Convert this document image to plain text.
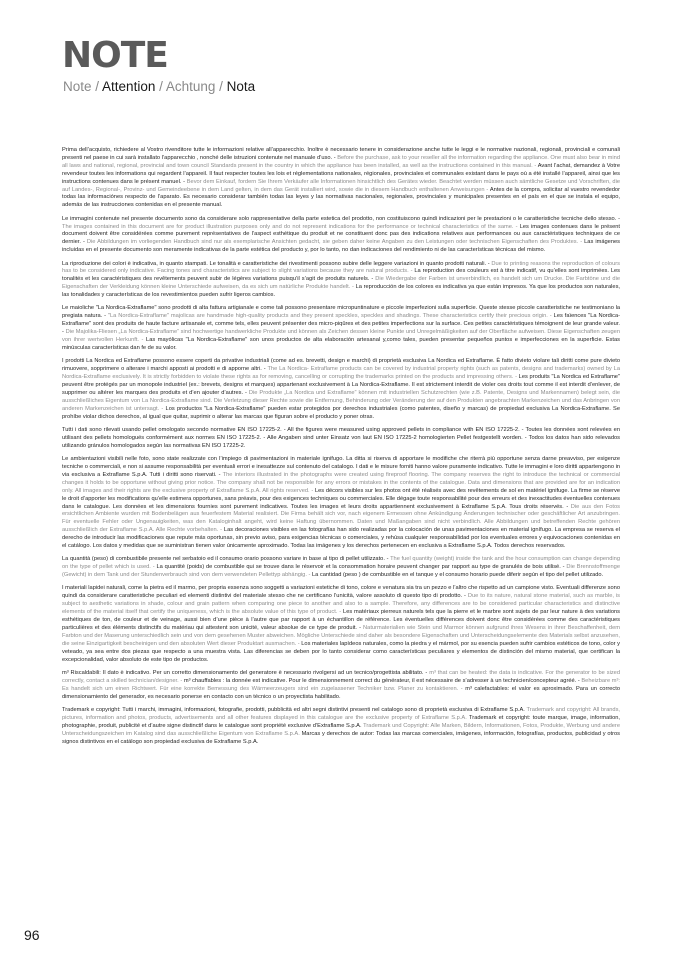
NOTE
Note / Attention / Achtung / Nota

Prima dell’acquisto, richiedere al Vostro rivenditore tutte le informazioni relative all’apparecchio. Inoltre è necessario tenere in considerazione anche tutte le leggi e le normative nazionali, regionali, provinciali e comunali presenti nel paese in cui sarà installato l’apparecchio , nonché delle istruzioni contenute nel manuale d’uso. - Before the purchase, ask to your reseller all the information regarding the appliance. One must also bear in mind all laws and national, regional, provincial and town council Standards present in the country in which the appliance has been installed, as well as the instructions contained in this manual. - Avant l’achat, demandez à Votre revendeur toutes les informations qui regardent l’appareil. Il faut respecter toutes les lois et réglementations nationales, régionales, provinciales et communales existant dans le pays où a été installé l’appareil, ainsi que les instructions contenues dans le présent manuel. - Bevor dem Einkauf, fordern Sie Ihrem Verkäufer alle Informationen hinsichtlich des Gerätes wieder. Beachtet werden müssen auch sämtliche Gesetze und Vorschriften, die auf Landes-, Regional-, Provinz- und Gemeindeebene in dem Land gelten, in dem das Gerät installiert wird, sowie die in diesem Handbuch enthaltenen Anweisungen - Antes de la compra, solicitar al vuestro revendedor todas las informaciónes respecto de l’aparato. Es necesario considerar también todas las leyes y las normativas nacionales, regionales, provinciales y municipales presentes en el país en el que se instala el equipo, además de las instrucciones contenidas en el presente manual.

Le immagini contenute nel presente documento sono da considerare solo rappresentative della parte estetica del prodotto, non costituiscono quindi indicazioni per le prestazioni o le caratteristiche tecniche dello stesso. - The images contained in this document are for product illustration purposes only and do not represent indications for the performance or technical characteristics of the same. - Les images contenues dans le présent document doivent être considérées comme purement représentatives de l’aspect esthétique du produit et ne constituent donc pas des indications relatives aux performances ou aux caractéristiques techniques de ce dernier. - Die Abbildungen im vorliegenden Handbuch sind nur als exemplarische Ansichten gedacht, sie geben daher keine Angaben zu den Leistungen oder technischen Eigenschaften des Produktes. - Las imágenes incluidas en el presente documento son meramente indicativas de la parte estética del producto y, por lo tanto, no dan indicaciones del rendimiento ni de las características técnicas del mismo.

La riproduzione dei colori è indicativa, in quanto stampati. Le tonalità e caratteristiche dei rivestimenti possono subire delle leggere variazioni in quanto prodotti naturali. - Due to printing reasons the reproduction of colours has to be considered only indicative. Facing tones and characteristics are subject to slight variations because they are natural products. - La reproduction des couleurs est à titre indicatif, vu qu’elles sont imprimées. Les tonalités et les caractéristiques des revêtements peuvent subir de légères variations puisqu’il s’agit de produits naturels. - Die Wiedergabe der Farben ist unverbindlich, es handelt sich um Drucke. Die Farbtöne und die Eigenschaften der Verkleidung können kleine Unterschiede aufweisen, da es sich um natürliche Produkte handelt. - La reproducción de los colores es indicativa ya que están impresos. Ya que los productos son naturales, las tonalidades y características de los revestimientos pueden sufrir ligeros cambios.

Le maioliche "La Nordica-Extraflame" sono prodotti di alta fattura artigianale e come tali possono presentare micropuntinature e piccole imperfezioni sulla superficie. Queste stesse piccole caratteristiche ne testimoniano la pregiata natura. - "La Nordica-Extraflame" majolicas are handmade high-quality products and they present speckles, speckles and shadings. These characteristics certify their precious origin. - Les faïences "La Nordica-Extraflame" sont des produits de haute facture artisanale et, comme tels, elles peuvent présenter des micro-piqûres et des petites imperfections sur la surface. Ces petites caractéristiques témoignent de leur grande valeur. - Die Majolika-Fliesen „La Nordica-Extraflame“ sind hochwertige handwerkliche Produkte und können als Zeichen dessen kleine Punkte und Unregelmäßigkeiten auf der Oberfläche aufweisen. Diese Eigenschaften zeugen von ihrer wertvollen Herkunft. - Las mayólicas "La Nordica-Extraflame" son unos productos de alta elaboración artesanal y,como tales, pueden presentar pequeños puntos e imperfecciones en la superficie. Estas minúsculas características dan fe de su valor.

I prodotti La Nordica ed Extraflame possono essere coperti da privative industriali (come ad es. brevetti, design e marchi) di proprietà esclusiva La Nordica ed Extraflame. È fatto divieto violare tali diritti come pure divieto rimuovere, sopprimere o alterare i marchi apposti ai prodotti e di apporne altri. - The La Nordica- Extraflame products can be covered by industrial property rights (such as patents, designs and trademarks) owned by La Nordica-Extraflame exclusively. It is strictly forbidden to violate these rights as for removing, cancelling or corrupting the trademarks printed on the products and impressing others. - Les produits "La Nordica ed Extraflame" peuvent être protégés par un monopole industriel (ex.: brevets, designs et marques) appartenant exclusivement à La Nordica-Extraflame. Il est strictement interdit de violer ces droits tout comme il est interdit d’enlever, de supprimer ou altérer les marques des produits et d’en ajouter d’autres. - Die Produkte „La Nordica und Extraflame“ können mit industriellen Schutzrechten (wie z.B. Patente, Designs und Markennamen) belegt sein, die ausschließliches Eigentum von La Nordica-Extraflame sind. Die Verletzung dieser Rechte sowie die Entfernung, Behinderung oder Veränderung der auf den Produkten angebrachten Markenzeichen und das Anbringen von anderen Markenzeichen ist untersagt. - Los productos "La Nordica-Extraflame" pueden estar protegidos por derechos industriales (como patentes, diseño y marcas) de propiedad exclusiva La Nordica-Extraflame. Se prohíbe violar dichos derechos, al igual que quitar, suprimir o alterar las marcas que figuran sobre el producto y poner otras.

Tutti i dati sono rilevati usando pellet omologato secondo normative EN ISO 17225-2. - All the figures were measured using approved pellets in compliance with EN ISO 17225-2. - Toutes les données sont relevées en utilisant des pellets homologués conformément aux normes EN ISO 17225-2. - Alle Angaben sind unter Einsatz von laut EN ISO 17225-2 homologierten Pellet festgestellt worden. - Todos los datos han sido relevados utilizando gránulos homologados según las normativas EN ISO 17225-2.

Le ambientazioni visibili nelle foto, sono state realizzate con l’impiego di pavimentazioni in materiale ignifugo. La ditta si riserva di apportare le modifiche che riterrà più opportune senza darne preavviso, per esigenze tecniche o commerciali, e non si assume responsabilità per eventuali errori e inesattezze sul contenuto del catalogo. I dati e le misure forniti hanno valore puramente indicativo. Tutte le immagini e loro diritti appartengono in via esclusiva a Extraflame S.p.A. Tutti i diritti sono riservati. - The interiors illustrated in the photographs were created using fireproof flooring. The company reserves the right to introduce the technical or commercial changes it holds to be opportune without giving prior notice. The company shall not be responsible for any errors or mistakes in the contents of the catalogue. Data and dimensions that are provided are for an indication only. All images and their rights are the exclusive property of Extraflame S.p.A. All rights reserved. - Les décors visibles sur les photos ont été réalisés avec des revêtements de sol en matériel ignifuge. La firme se réserve le droit d’apporter les modifications qu’elle estimera opportunes, sans préavis, pour des exigences techniques ou commerciales. Elle dégage toute responsabilité pour des erreurs et des inexactitudes éventuelles contenues dans le catalogue. Les données et les dimensions fournies sont purement indicatives. Toutes les images et leurs droits appartiennent exclusivement à Extraflame S.p.A. Tous droits réservés. - Die aus den Fotos ersichtlichen Ambiente wurden mit Bodenbelägen aus feuerfestem Material realisiert. Die Firma behält sich vor, nach eigenem Ermessen ohne Ankündigung Änderungen technischer oder geschäftlicher Art anzubringen. Für eventuelle Fehler oder Ungenauigkeiten, was den Kataloginhalt angeht, wird keine Haftung übernommen. Daten und Maßangaben sind nicht verbindlich. Alle Abbildungen und betreffenden Rechte gehören ausschließlich der Extraflame S.p.A. Alle Rechte vorbehalten. - Las decoraciones visibles en las fotografías han sido realizadas por la colocación de unas pavimentaciones en material ignífugo. La empresa se reserva el derecho de introducir las modificaciones que repute más oportunas, sin previo aviso, para exigencias técnicas o comerciales, y rehúsa cualquier responsabilidad por los eventuales errores y equivocaciones contenidas en el catálogo. Los datos y medidas que se suministran tienen valor únicamente aproximado. Todas las imágenes y los derechos pertenecen en exclusiva a Extraflame S.p.A. Todos derechos reservados.

La quantità (peso) di combustibile presente nel serbatoio ed il consumo orario possono variare in base al tipo di pellet utilizzato. - The fuel quantity (weight) inside the tank and the hour consumption can change depending on the type of pellet which is used. - La quantité (poids) de combustible qui se trouve dans le réservoir et la consommation horaire peuvent changer par rapport au type de granulés de bois utilisé. - Die Brennstoffmenge (Gewicht) in dem Tank und der Stundenverbrauch sind von dem verwendeten Pellettyp abhängig. - La cantidad (peso ) de combustible en el tanque y el consumo horario puede diferir según el tipo del pellet utilizado.

I materiali lapidei naturali, come la pietra ed il marmo, per propria essenza sono soggetti a variazioni estetiche di tono, colore e venatura sia tra un pezzo e l’altro che rispetto ad un campione visto. Eventuali differenze sono quindi da considerare caratteristiche peculiari ed elementi distintivi del materiale stesso che ne certificano l’unicità, valore assoluto di questo tipo di prodotto. - Due to its nature, natural stone material, such as marble, is subject to aesthetic variations in shade, colour and grain pattern when comparing one piece to another and also to a sample. Therefore, any differences are to be considered particular characteristics and distinctive elements of the material itself that certify the uniqueness, which is the absolute value of this type of product. - Les matériaux pierreux naturels tels que la pierre et le marbre sont sujets de par leur nature à des variations esthétiques de ton, de couleur et de veinage, aussi bien d’une pièce à l’autre que par rapport à un échantillon de référence. Les éventuelles différences doivent donc être considérées comme des caractéristiques particulières et des éléments distinctifs du matériau qui attestent son unicité, valeur absolue de ce type de produit. - Naturmaterialien wie Stein und Marmor können aufgrund ihres Wesens in ihrer Beschaffenheit, dem Farbton und der Maserung unterschiedlich sein und von dem gesehenen Muster abweichen. Mögliche Unterschiede sind daher als besondere Eigenschaften und Unterscheidungselemente des Materials selbst anzusehen, die seine Einzigartigkeit bescheinigen und den absoluten Wert dieser Produktart ausmachen. - Los materiales lapídeos naturales, como la piedra y el mármol, por su esencia pueden sufrir cambios estéticos de tono, color y veteado, ya sea entre dos piezas que respecto a una muestra vista. Las diferencias se deben por lo tanto considerar como características peculiares y elementos de distinción del mismo material, que certifican la excepcionalidad, valor absoluto de este tipo de productos.

m³ Riscaldabili: Il dato è indicativo. Per un corretto dimensionamento del generatore è necessario rivolgersi ad un tecnico/progettista abilitato. - m³ that can be heated: the data is indicative. For the generator to be sized correctly, contact a skilled technician/designer. - m³ chauffables : la donnée est indicative. Pour le dimensionnement correct du générateur, il est nécessaire de s’adresser à un technicien/concepteur agréé. - Beheizbare m³: Es handelt sich um einen Richtwert. Für eine korrekte Bemessung des Wärmeerzeugers sind ein zugelassener Techniker bzw. Planer zu kontaktieren. - m³ calefactables: el valor es aproximado. Para un correcto dimensionamiento del generador, es necesario ponerse en contacto con un técnico o un proyectista habilitado.

Trademark e copyright: Tutti i marchi, immagini, informazioni, fotografie, prodotti, pubblicità ed altri segni distintivi presenti nel catalogo sono di proprietà esclusiva di Extraflame S.p.A. Trademark and copyright: All brands, pictures, information and photos, products, advertisements and all other features displayed in this catalogue are the exclusive property of Extraflame S.p.A. Trademark et copyright: toute marque, image, information, photographie, produit, publicité et d’autre signe distinctif dans le catalogue sont propriété exclusive d’Extraflame S.p.A. Trademark und Copyright: Alle Marken, Bildern, Informationen, Fotos, Produkte, Werbung und andere Unterscheidungszeichen im Katalog sind das ausschließliche Eigentum von Extraflame S.p.A. Marcas y derechos de autor: Todas las marcas comerciales, imágenes, información, fotografías, productos, publicidad y otros signos distintivos en el catálogo son propiedad exclusiva de Extraflame S.p.A.

96
